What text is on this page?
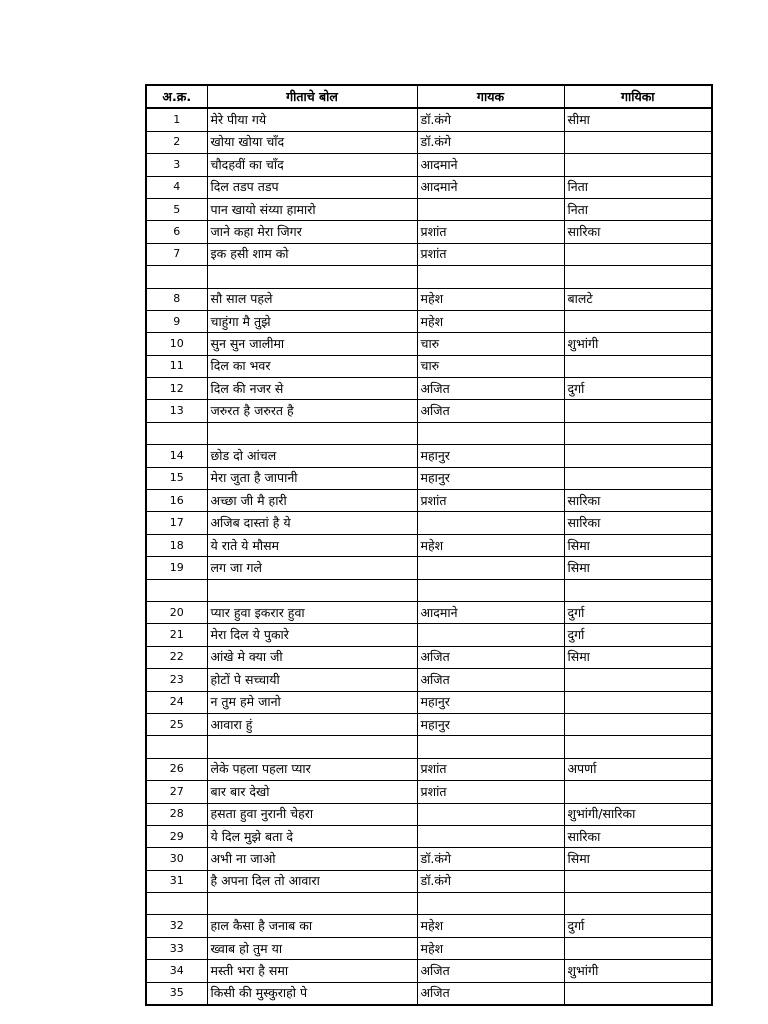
अ.क्र.	गीताचे बोल	गायक	गायिका
1	मेरे पीया गये	डॉ.कंगे	सीमा
2	खोया खोया चाँद	डॉ.कंगे	
3	चौदहवीं का चाँद	आदमाने	
4	दिल तडप तडप	आदमाने	निता
5	पान खायो संय्या हामारो		निता
6	जाने कहा मेरा जिगर	प्रशांत	सारिका
7	इक हसी शाम को	प्रशांत	

8	सौ साल पहले	महेश	बालटे
9	चाहुंगा मै तुझे	महेश	
10	सुन सुन जालीमा	चारु	शुभांगी
11	दिल का भवर	चारु	
12	दिल की नजर से	अजित	दुर्गा
13	जरुरत है जरुरत है	अजित	

14	छोड दो आंचल	महानुर	
15	मेरा जुता है जापानी	महानुर	
16	अच्छा जी मै हारी	प्रशांत	सारिका
17	अजिब दास्तां है ये		सारिका
18	ये राते ये मौसम	महेश	सिमा
19	लग जा गले		सिमा

20	प्यार हुवा इकरार हुवा	आदमाने	दुर्गा
21	मेरा दिल ये पुकारे		दुर्गा
22	आंखे मे क्या जी	अजित	सिमा
23	होटों पे सच्चायी	अजित	
24	न तुम हमे जानो	महानुर	
25	आवारा हुं	महानुर	

26	लेके पहला पहला प्यार	प्रशांत	अपर्णा
27	बार बार देखो	प्रशांत	
28	हसता हुवा नुरानी चेहरा		शुभांगी/सारिका
29	ये दिल मुझे बता दे		सारिका
30	अभी ना जाओ	डॉ.कंगे	सिमा
31	है अपना दिल तो आवारा	डॉ.कंगे	

32	हाल कैसा है जनाब का	महेश	दुर्गा
33	ख्वाब हो तुम या	महेश	
34	मस्ती भरा है समा	अजित	शुभांगी
35	किसी की मुस्कुराहो पे	अजित	
